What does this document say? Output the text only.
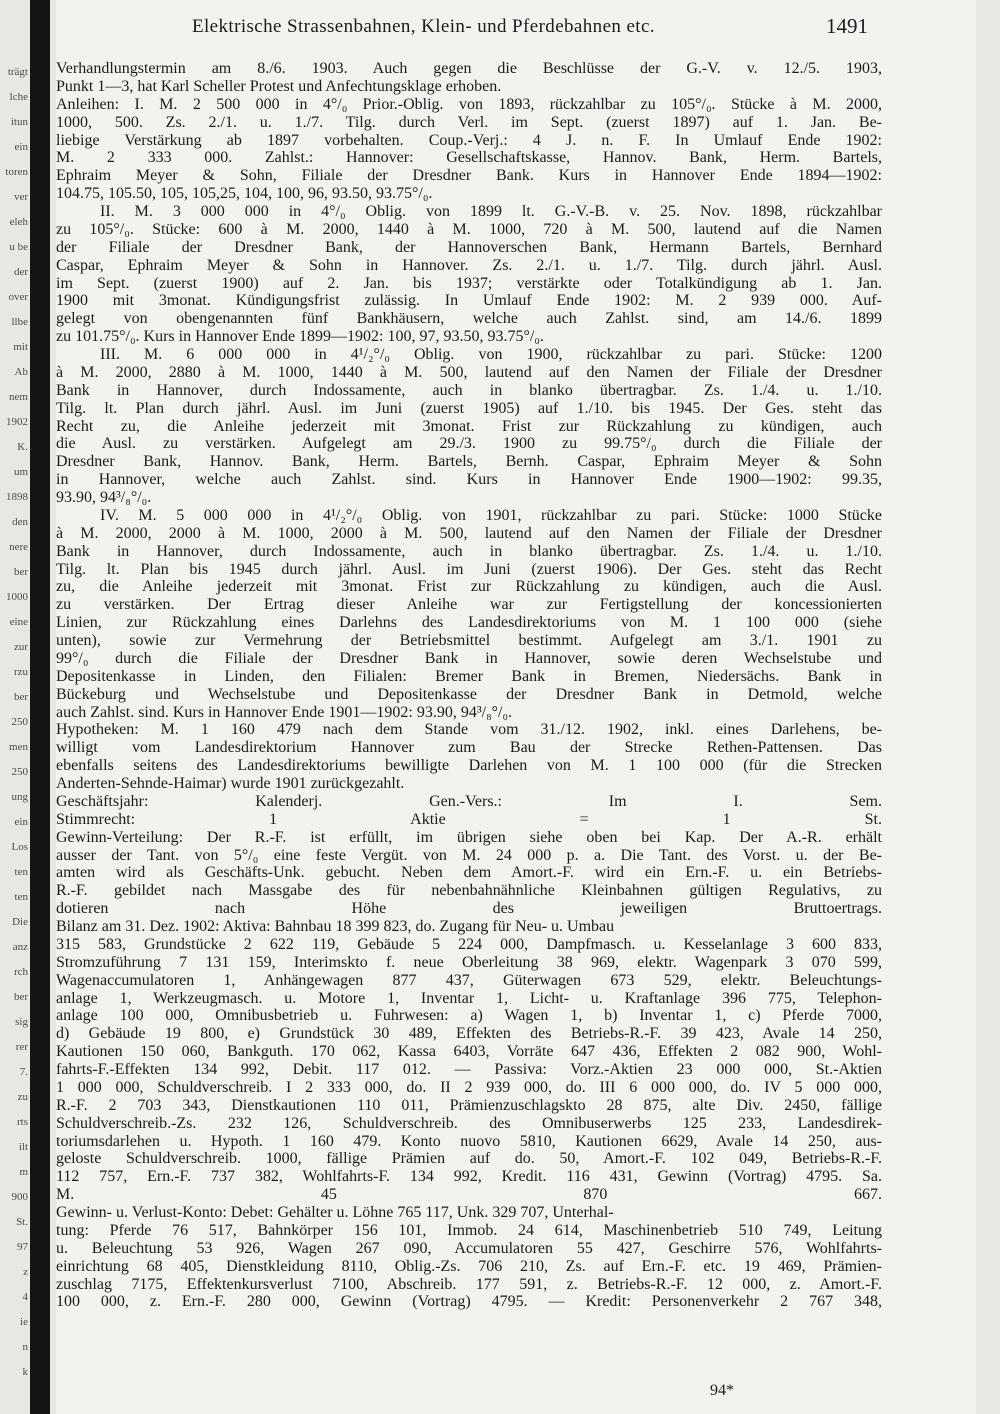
trägt
lche
itun
ein
toren
ver
eleh
u be
der
over
llbe
mit
Ab
nem
1902
K.
um
1898
den
nere
ber
1000
eine
zur
rzu
ber
250
men
250
ung
ein
Los
ten
ten
Die
anz
rch
ber
sig
rer
7.
zu
rts
ilt
m
900
St.
97
z
4
ie
n
k
Elektrische Strassenbahnen, Klein- und Pferdebahnen etc.	1491
Verhandlungstermin am 8./6. 1903. Auch gegen die Beschlüsse der G.-V. v. 12./5. 1903,
Punkt 1—3, hat Karl Scheller Protest und Anfechtungsklage erhoben.
Anleihen: I. M. 2 500 000 in 4°/₀ Prior.-Oblig. von 1893, rückzahlbar zu 105°/₀. Stücke à M. 2000,
1000, 500. Zs. 2./1. u. 1./7. Tilg. durch Verl. im Sept. (zuerst 1897) auf 1. Jan. Be-
liebige Verstärkung ab 1897 vorbehalten. Coup.-Verj.: 4 J. n. F. In Umlauf Ende 1902:
M. 2 333 000. Zahlst.: Hannover: Gesellschaftskasse, Hannov. Bank, Herm. Bartels,
Ephraim Meyer & Sohn, Filiale der Dresdner Bank. Kurs in Hannover Ende 1894—1902:
104.75, 105.50, 105, 105,25, 104, 100, 96, 93.50, 93.75°/₀.
II. M. 3 000 000 in 4°/₀ Oblig. von 1899 lt. G.-V.-B. v. 25. Nov. 1898, rückzahlbar
zu 105°/₀. Stücke: 600 à M. 2000, 1440 à M. 1000, 720 à M. 500, lautend auf die Namen
der Filiale der Dresdner Bank, der Hannoverschen Bank, Hermann Bartels, Bernhard
Caspar, Ephraim Meyer & Sohn in Hannover. Zs. 2./1. u. 1./7. Tilg. durch jährl. Ausl.
im Sept. (zuerst 1900) auf 2. Jan. bis 1937; verstärkte oder Totalkündigung ab 1. Jan.
1900 mit 3monat. Kündigungsfrist zulässig. In Umlauf Ende 1902: M. 2 939 000. Auf-
gelegt von obengenannten fünf Bankhäusern, welche auch Zahlst. sind, am 14./6. 1899
zu 101.75°/₀. Kurs in Hannover Ende 1899—1902: 100, 97, 93.50, 93.75°/₀.
III. M. 6 000 000 in 4¹/₂°/₀ Oblig. von 1900, rückzahlbar zu pari. Stücke: 1200
à M. 2000, 2880 à M. 1000, 1440 à M. 500, lautend auf den Namen der Filiale der Dresdner
Bank in Hannover, durch Indossamente, auch in blanko übertragbar. Zs. 1./4. u. 1./10.
Tilg. lt. Plan durch jährl. Ausl. im Juni (zuerst 1905) auf 1./10. bis 1945. Der Ges. steht das
Recht zu, die Anleihe jederzeit mit 3monat. Frist zur Rückzahlung zu kündigen, auch
die Ausl. zu verstärken. Aufgelegt am 29./3. 1900 zu 99.75°/₀ durch die Filiale der
Dresdner Bank, Hannov. Bank, Herm. Bartels, Bernh. Caspar, Ephraim Meyer & Sohn
in Hannover, welche auch Zahlst. sind. Kurs in Hannover Ende 1900—1902: 99.35,
93.90, 94³/₈°/₀.
IV. M. 5 000 000 in 4¹/₂°/₀ Oblig. von 1901, rückzahlbar zu pari. Stücke: 1000 Stücke
à M. 2000, 2000 à M. 1000, 2000 à M. 500, lautend auf den Namen der Filiale der Dresdner
Bank in Hannover, durch Indossamente, auch in blanko übertragbar. Zs. 1./4. u. 1./10.
Tilg. lt. Plan bis 1945 durch jährl. Ausl. im Juni (zuerst 1906). Der Ges. steht das Recht
zu, die Anleihe jederzeit mit 3monat. Frist zur Rückzahlung zu kündigen, auch die Ausl.
zu verstärken. Der Ertrag dieser Anleihe war zur Fertigstellung der koncessionierten
Linien, zur Rückzahlung eines Darlehns des Landesdirektoriums von M. 1 100 000 (siehe
unten), sowie zur Vermehrung der Betriebsmittel bestimmt. Aufgelegt am 3./1. 1901 zu
99°/₀ durch die Filiale der Dresdner Bank in Hannover, sowie deren Wechselstube und
Depositenkasse in Linden, den Filialen: Bremer Bank in Bremen, Niedersächs. Bank in
Bückeburg und Wechselstube und Depositenkasse der Dresdner Bank in Detmold, welche
auch Zahlst. sind. Kurs in Hannover Ende 1901—1902: 93.90, 94³/₈°/₀.
Hypotheken: M. 1 160 479 nach dem Stande vom 31./12. 1902, inkl. eines Darlehens, be-
willigt vom Landesdirektorium Hannover zum Bau der Strecke Rethen-Pattensen. Das
ebenfalls seitens des Landesdirektoriums bewilligte Darlehen von M. 1 100 000 (für die Strecken
Anderten-Sehnde-Haimar) wurde 1901 zurückgezahlt.
Geschäftsjahr: Kalenderj. Gen.-Vers.: Im I. Sem.
Stimmrecht: 1 Aktie = 1 St.
Gewinn-Verteilung: Der R.-F. ist erfüllt, im übrigen siehe oben bei Kap. Der A.-R. erhält
ausser der Tant. von 5°/₀ eine feste Vergüt. von M. 24 000 p. a. Die Tant. des Vorst. u. der Be-
amten wird als Geschäfts-Unk. gebucht. Neben dem Amort.-F. wird ein Ern.-F. u. ein Betriebs-
R.-F. gebildet nach Massgabe des für nebenbahnähnliche Kleinbahnen gültigen Regulativs, zu
dotieren nach Höhe des jeweiligen Bruttoertrags.
Bilanz am 31. Dez. 1902: Aktiva: Bahnbau 18 399 823, do. Zugang für Neu- u. Umbau
315 583, Grundstücke 2 622 119, Gebäude 5 224 000, Dampfmasch. u. Kesselanlage 3 600 833,
Stromzuführung 7 131 159, Interimskto f. neue Oberleitung 38 969, elektr. Wagenpark 3 070 599,
Wagenaccumulatoren 1, Anhängewagen 877 437, Güterwagen 673 529, elektr. Beleuchtungs-
anlage 1, Werkzeugmasch. u. Motore 1, Inventar 1, Licht- u. Kraftanlage 396 775, Telephon-
anlage 100 000, Omnibusbetrieb u. Fuhrwesen: a) Wagen 1, b) Inventar 1, c) Pferde 7000,
d) Gebäude 19 800, e) Grundstück 30 489, Effekten des Betriebs-R.-F. 39 423, Avale 14 250,
Kautionen 150 060, Bankguth. 170 062, Kassa 6403, Vorräte 647 436, Effekten 2 082 900, Wohl-
fahrts-F.-Effekten 134 992, Debit. 117 012. — Passiva: Vorz.-Aktien 23 000 000, St.-Aktien
1 000 000, Schuldverschreib. I 2 333 000, do. II 2 939 000, do. III 6 000 000, do. IV 5 000 000,
R.-F. 2 703 343, Dienstkautionen 110 011, Prämienzuschlagskto 28 875, alte Div. 2450, fällige
Schuldverschreib.-Zs. 232 126, Schuldverschreib. des Omnibuserwerbs 125 233, Landesdirek-
toriumsdarlehen u. Hypoth. 1 160 479. Konto nuovo 5810, Kautionen 6629, Avale 14 250, aus-
geloste Schuldverschreib. 1000, fällige Prämien auf do. 50, Amort.-F. 102 049, Betriebs-R.-F.
112 757, Ern.-F. 737 382, Wohlfahrts-F. 134 992, Kredit. 116 431, Gewinn (Vortrag) 4795. Sa.
M. 45 870 667.
Gewinn- u. Verlust-Konto: Debet: Gehälter u. Löhne 765 117, Unk. 329 707, Unterhal-
tung: Pferde 76 517, Bahnkörper 156 101, Immob. 24 614, Maschinenbetrieb 510 749, Leitung
u. Beleuchtung 53 926, Wagen 267 090, Accumulatoren 55 427, Geschirre 576, Wohlfahrts-
einrichtung 68 405, Dienstkleidung 8110, Oblig.-Zs. 706 210, Zs. auf Ern.-F. etc. 19 469, Prämien-
zuschlag 7175, Effektenkursverlust 7100, Abschreib. 177 591, z. Betriebs-R.-F. 12 000, z. Amort.-F.
100 000, z. Ern.-F. 280 000, Gewinn (Vortrag) 4795. — Kredit: Personenverkehr 2 767 348,
94*
